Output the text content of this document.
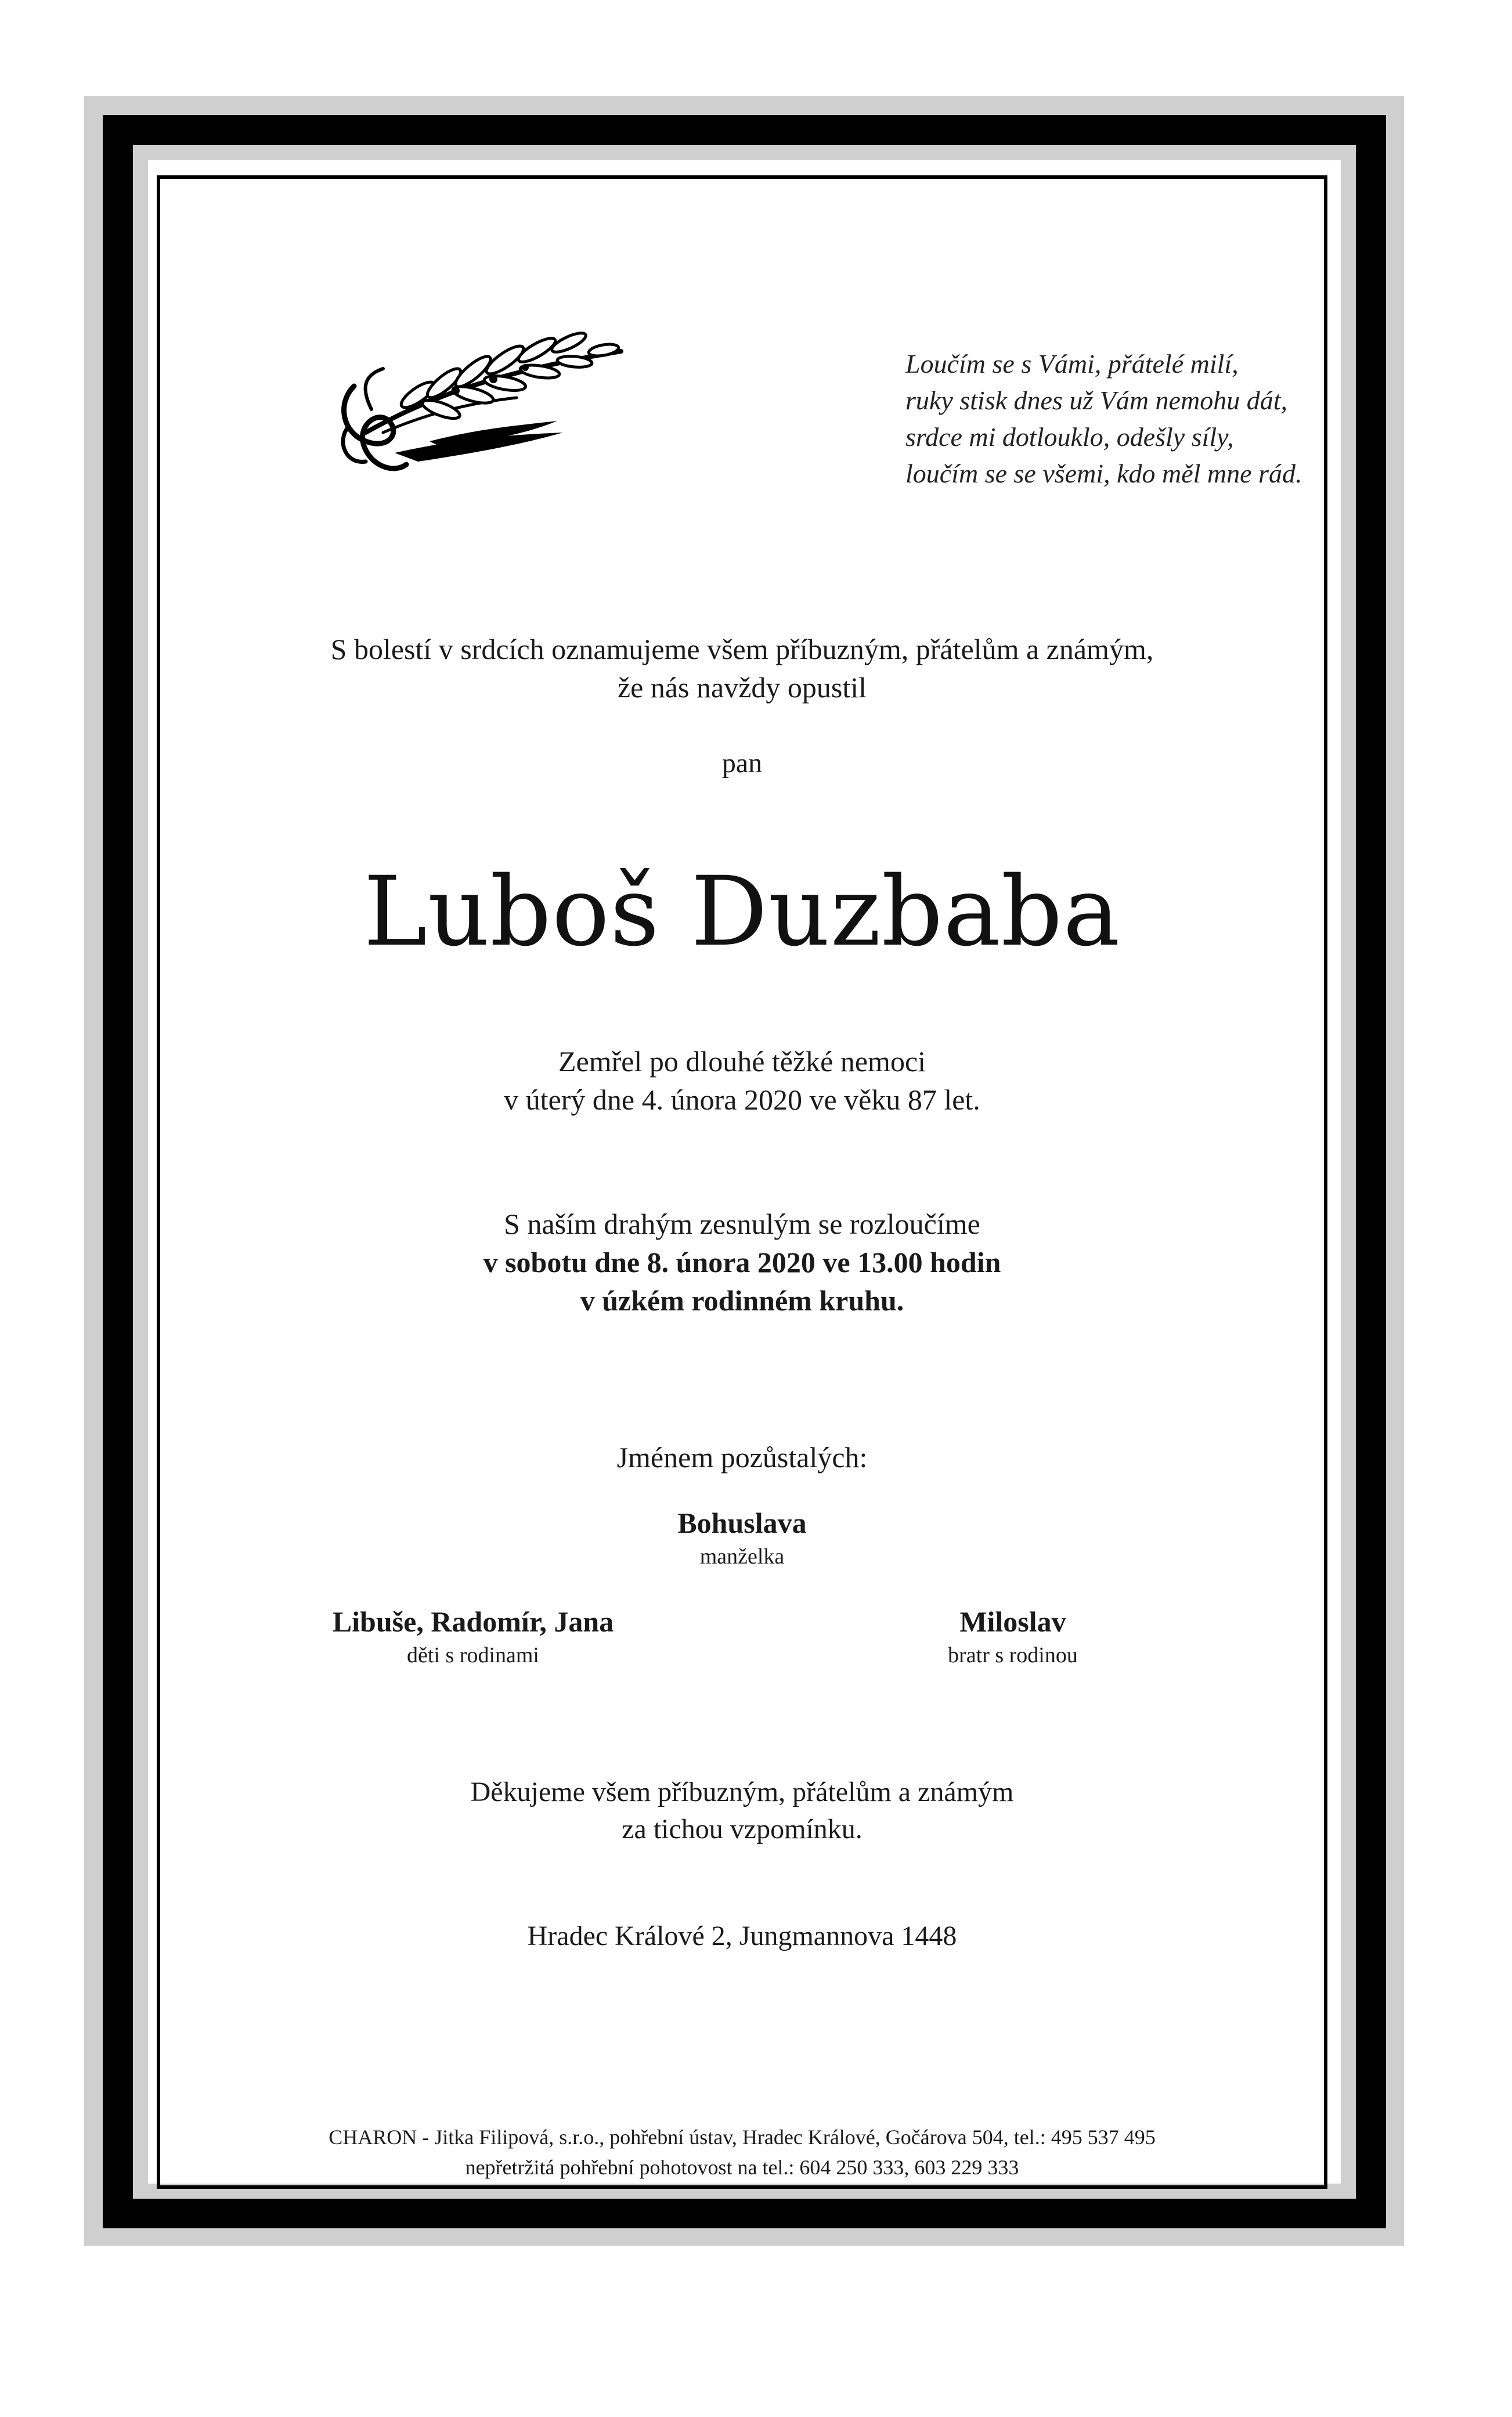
Loučím se s Vámi, přátelé milí,
ruky stisk dnes už Vám nemohu dát,
srdce mi dotlouklo, odešly síly,
loučím se se všemi, kdo měl mne rád.
S bolestí v srdcích oznamujeme všem příbuzným, přátelům a známým,
že nás navždy opustil
pan
Luboš Duzbaba
Zemřel po dlouhé těžké nemoci
v úterý dne 4. února 2020 ve věku 87 let.
S naším drahým zesnulým se rozloučíme
v sobotu dne 8. února 2020 ve 13.00 hodin
v úzkém rodinném kruhu.
Jménem pozůstalých:
Bohuslava
manželka
Libuše, Radomír, Jana
děti s rodinami
Miloslav
bratr s rodinou
Děkujeme všem příbuzným, přátelům a známým
za tichou vzpomínku.
Hradec Králové 2, Jungmannova 1448
CHARON - Jitka Filipová, s.r.o., pohřební ústav, Hradec Králové, Gočárova 504, tel.: 495 537 495
nepřetržitá pohřební pohotovost na tel.: 604 250 333, 603 229 333
